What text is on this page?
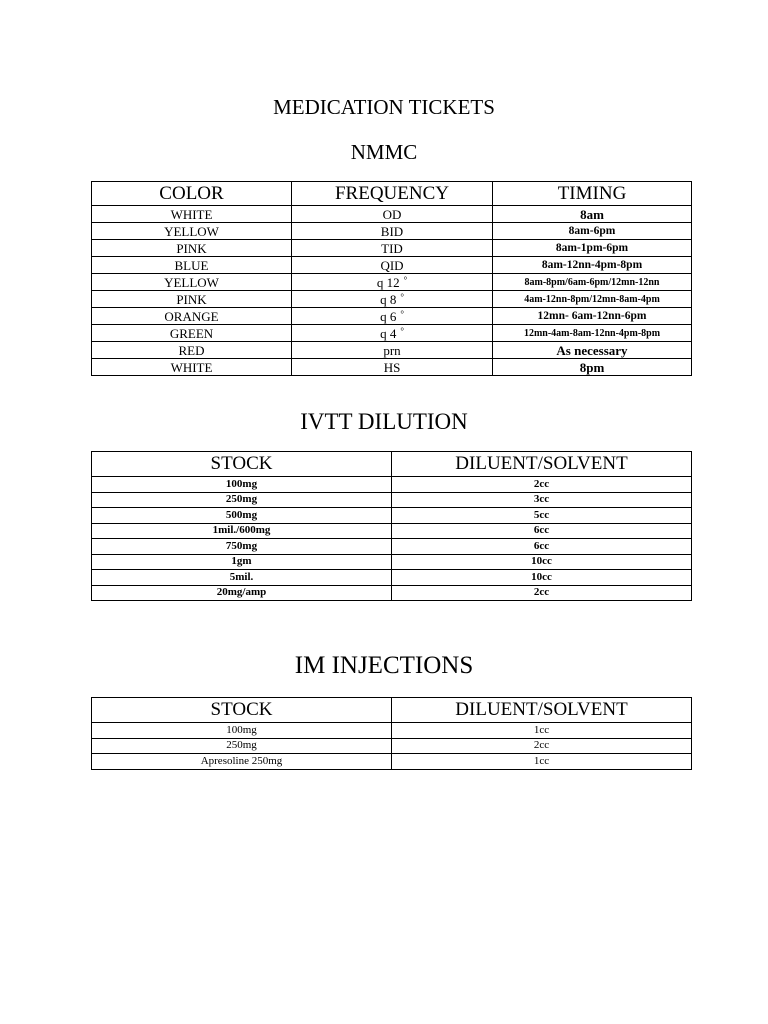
MEDICATION TICKETS
NMMC
COLOR	FREQUENCY	TIMING
WHITE	OD	8am
YELLOW	BID	8am-6pm
PINK	TID	8am-1pm-6pm
BLUE	QID	8am-12nn-4pm-8pm
YELLOW	q 12 °	8am-8pm/6am-6pm/12mn-12nn
PINK	q 8 °	4am-12nn-8pm/12mn-8am-4pm
ORANGE	q 6 °	12mn- 6am-12nn-6pm
GREEN	q 4 °	12mn-4am-8am-12nn-4pm-8pm
RED	prn	As necessary
WHITE	HS	8pm
IVTT DILUTION
STOCK	DILUENT/SOLVENT
100mg	2cc
250mg	3cc
500mg	5cc
1mil./600mg	6cc
750mg	6cc
1gm	10cc
5mil.	10cc
20mg/amp	2cc
IM INJECTIONS
STOCK	DILUENT/SOLVENT
100mg	1cc
250mg	2cc
Apresoline 250mg	1cc
